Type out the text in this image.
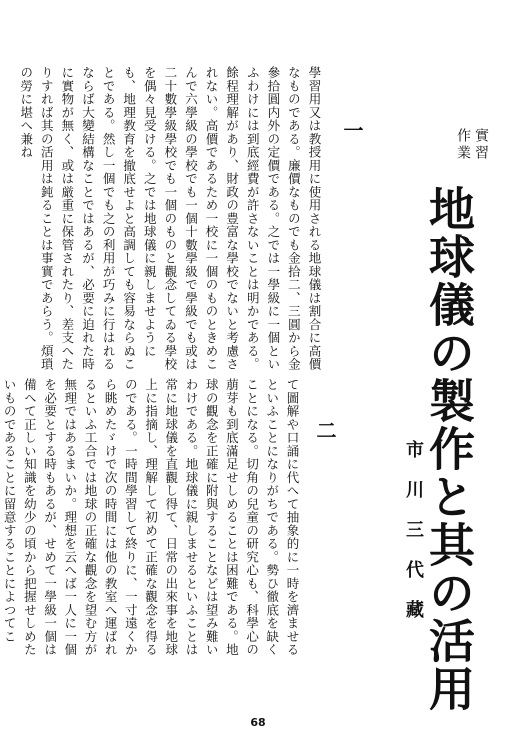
實習
作業
地球儀の製作と其の活用
市川三代藏
一
二

學習用又は教授用に使用される地球儀は割合に高價なものである。廉價なものでも金拾二、三圓から金參拾圓内外の定價である。之では一學級に一個といふわけには到底經費が許さないことは明かである。餘程理解があり、財政の豊富な學校でないと考慮されない。高價であるため一校に一個のものときめこんで六學級の學校でも一個十數學級で學級でも或は二十數學級學校でも一個のものと觀念してゐる學校を偶々見受ける。之では地球儀に親しませようにも、地理教育を撤底せよと高調しても容易ならぬことである。然し一個でも之の利用が巧みに行はれるならば大變結構なことではあるが、必要に迫れた時に實物が無く、或は厳重に保管されたり、差支へたりすれば其の活用は鈍ることは事實であらう。煩瑣の勞に堪へ兼ね

て圖解や口誦に代へて抽象的に一時を濟ませるといふことになりがちである。勢ひ徹底を缺くことになる。切角の兒童の研究心も、科學心の萠芽も到底滿足せしめることは困難である。地球の觀念を正確に附與することなどは望み難いわけである。地球儀に親しませるといふことは常に地球儀を直觀し得て、日常の出來事を地球上に指摘し、理解して初めて正確な觀念を得るのである。一時間學習して終りに、一寸遠くから眺めたゞけで次の時間には他の教室へ運ばれるといふ工合では地球の正確な觀念を望む方が無理ではあるまいか。理想を云へば一人に一個を必要とする時もあるが、せめて一學級一個は備へて正しい知識を幼少の頃から把握せしめたいものであることに留意することによつてこ

68
